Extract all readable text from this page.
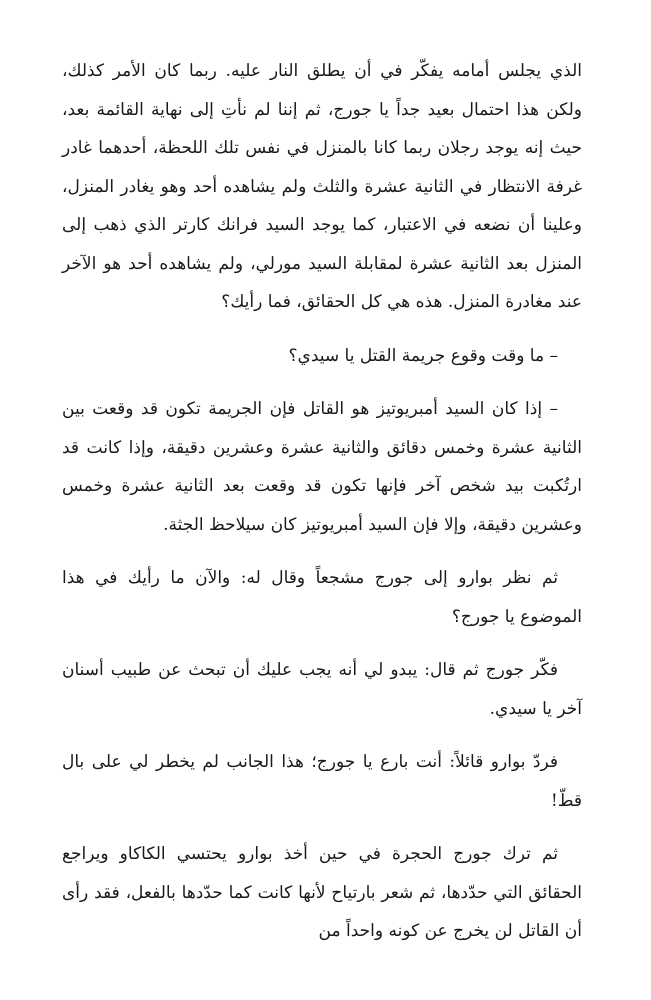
الذي يجلس أمامه يفكّر في أن يطلق النار عليه. ربما كان الأمر كذلك، ولكن هذا احتمال بعيد جداً يا جورج، ثم إننا لم نأتِ إلى نهاية القائمة بعد، حيث إنه يوجد رجلان ربما كانا بالمنزل في نفس تلك اللحظة، أحدهما غادر غرفة الانتظار في الثانية عشرة والثلث ولم يشاهده أحد وهو يغادر المنزل، وعلينا أن نضعه في الاعتبار، كما يوجد السيد فرانك كارتر الذي ذهب إلى المنزل بعد الثانية عشرة لمقابلة السيد مورلي، ولم يشاهده أحد هو الآخر عند مغادرة المنزل. هذه هي كل الحقائق، فما رأيك؟

– ما وقت وقوع جريمة القتل يا سيدي؟

– إذا كان السيد أمبريوتيز هو القاتل فإن الجريمة تكون قد وقعت بين الثانية عشرة وخمس دقائق والثانية عشرة وعشرين دقيقة، وإذا كانت قد ارتُكبت بيد شخص آخر فإنها تكون قد وقعت بعد الثانية عشرة وخمس وعشرين دقيقة، وإلا فإن السيد أمبريوتيز كان سيلاحظ الجثة.

ثم نظر بوارو إلى جورج مشجعاً وقال له: والآن ما رأيك في هذا الموضوع يا جورج؟

فكّر جورج ثم قال: يبدو لي أنه يجب عليك أن تبحث عن طبيب أسنان آخر يا سيدي.

فردّ بوارو قائلاً: أنت بارع يا جورج؛ هذا الجانب لم يخطر لي على بال قطّ!

ثم ترك جورج الحجرة في حين أخذ بوارو يحتسي الكاكاو ويراجع الحقائق التي حدّدها، ثم شعر بارتياح لأنها كانت كما حدّدها بالفعل، فقد رأى أن القاتل لن يخرج عن كونه واحداً من
